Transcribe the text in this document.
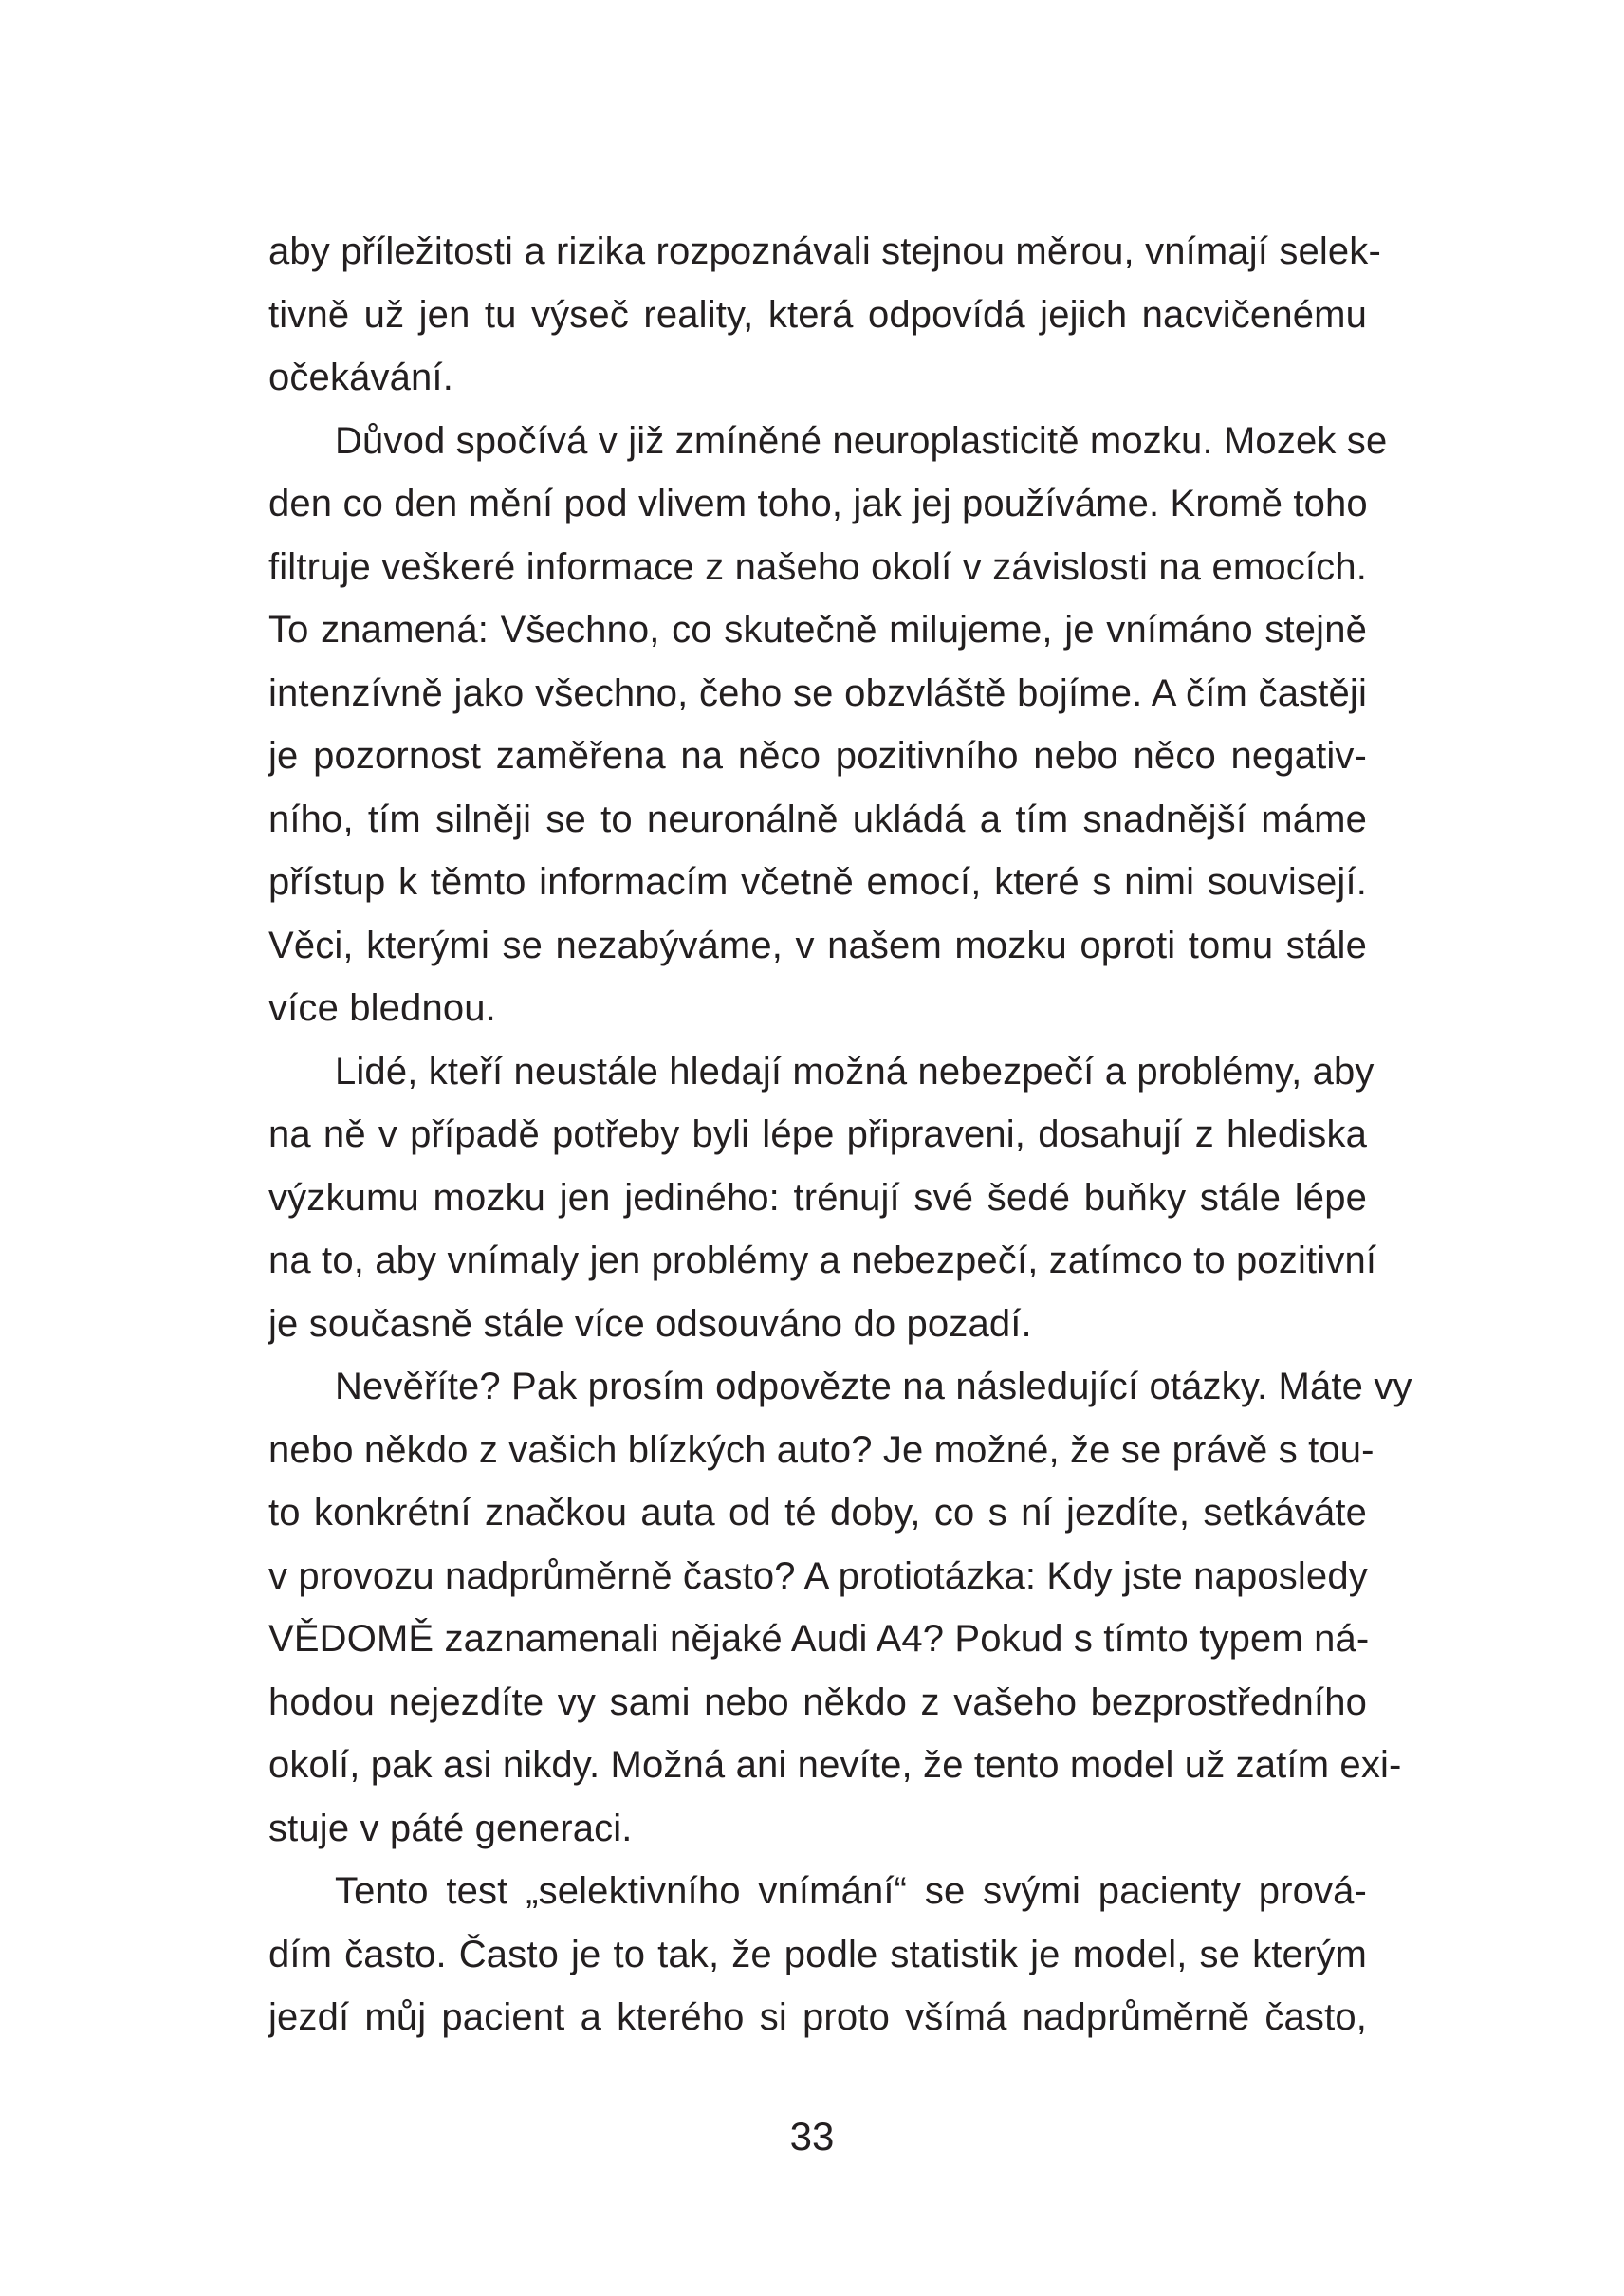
aby příležitosti a rizika rozpoznávali stejnou měrou, vnímají selek-
tivně už jen tu výseč reality, která odpovídá jejich nacvičenému
očekávání.
Důvod spočívá v již zmíněné neuroplasticitě mozku. Mozek se
den co den mění pod vlivem toho, jak jej používáme. Kromě toho
filtruje veškeré informace z našeho okolí v závislosti na emocích.
To znamená: Všechno, co skutečně milujeme, je vnímáno stejně
intenzívně jako všechno, čeho se obzvláště bojíme. A čím častěji
je pozornost zaměřena na něco pozitivního nebo něco negativ-
ního, tím silněji se to neuronálně ukládá a tím snadnější máme
přístup k těmto informacím včetně emocí, které s nimi souvisejí.
Věci, kterými se nezabýváme, v našem mozku oproti tomu stále
více blednou.
Lidé, kteří neustále hledají možná nebezpečí a problémy, aby
na ně v případě potřeby byli lépe připraveni, dosahují z hlediska
výzkumu mozku jen jediného: trénují své šedé buňky stále lépe
na to, aby vnímaly jen problémy a nebezpečí, zatímco to pozitivní
je současně stále více odsouváno do pozadí.
Nevěříte? Pak prosím odpovězte na následující otázky. Máte vy
nebo někdo z vašich blízkých auto? Je možné, že se právě s tou-
to konkrétní značkou auta od té doby, co s ní jezdíte, setkáváte
v provozu nadprůměrně často? A protiotázka: Kdy jste naposledy
VĚDOMĚ zaznamenali nějaké Audi A4? Pokud s tímto typem ná-
hodou nejezdíte vy sami nebo někdo z vašeho bezprostředního
okolí, pak asi nikdy. Možná ani nevíte, že tento model už zatím exi-
stuje v páté generaci.
Tento test „selektivního vnímání“ se svými pacienty prová-
dím často. Často je to tak, že podle statistik je model, se kterým
jezdí můj pacient a kterého si proto všímá nadprůměrně často,
33
